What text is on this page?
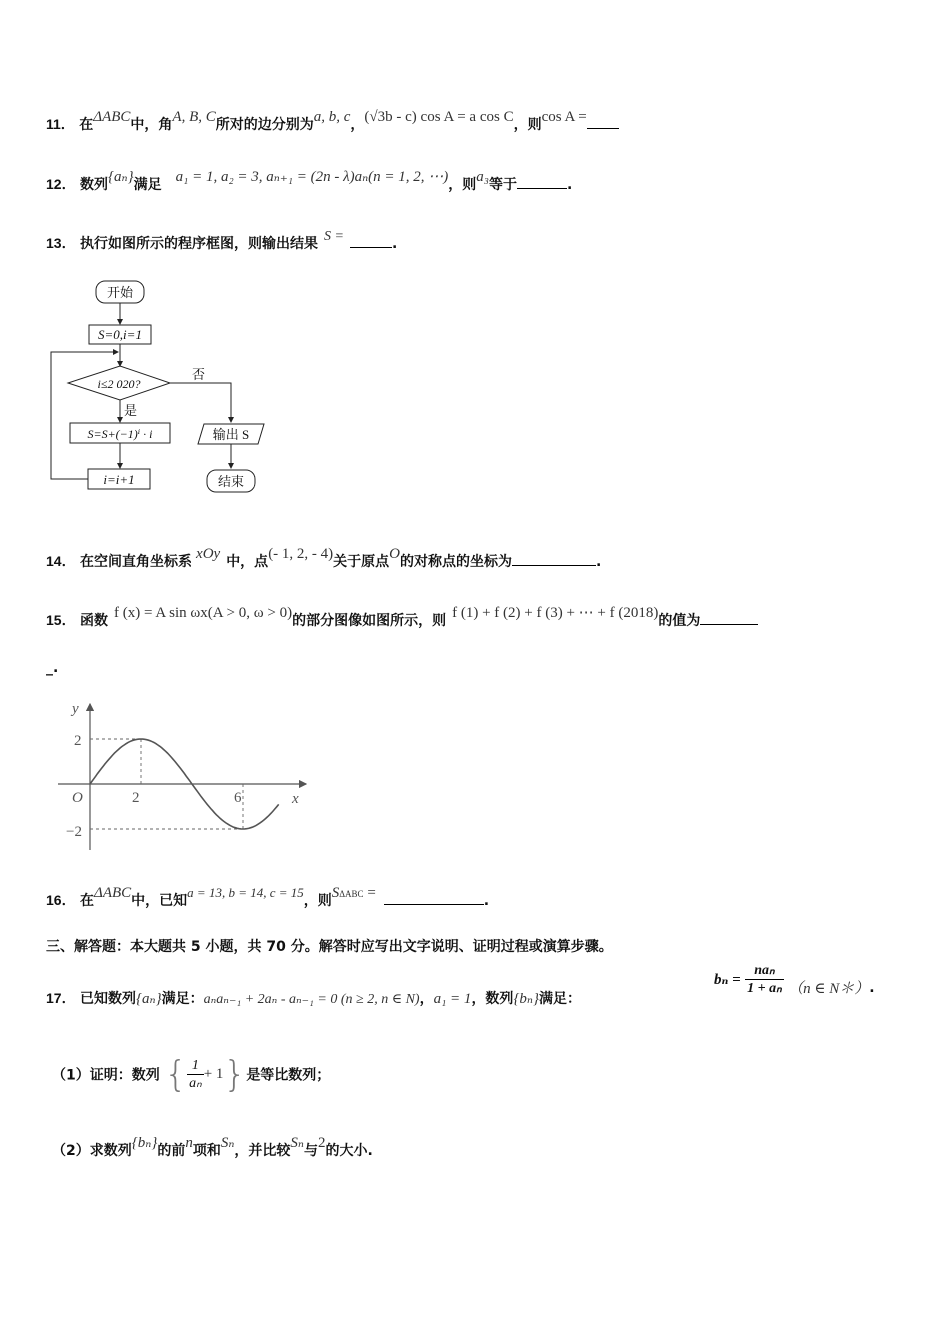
11． 在ΔABC中，角A, B, C所对的边分别为a, b, c，(√3b - c) cos A = a cos C，则cos A =
12． 数列{aₙ}满足 a₁ = 1, a₂ = 3, aₙ₊₁ = (2n - λ)aₙ(n = 1, 2, ⋯)，则a₃等于	.
13． 执行如图所示的程序框图，则输出结果 S =	.
开始
S=0,i=1
i≤2 020?
否
是
S=S+(−1)ⁱ · i
i=i+1
输出 S
结束
14． 在空间直角坐标系 xOy 中，点(- 1, 2, - 4)关于原点O的对称点的坐标为	.
15． 函数 f (x) = A sin ωx(A > 0, ω > 0)的部分图像如图所示，则 f (1) + f (2) + f (3) + ⋯ + f (2018)的值为
_.
y
x
O	2	6
2
−2
16． 在ΔABC中，已知a = 13, b = 14, c = 15，则$S^{\Delta ABC}$ =	.
三、解答题：本大题共 5 小题，共 70 分。解答时应写出文字说明、证明过程或演算步骤。
17． 已知数列{aₙ}满足：aₙaₙ₋₁ + 2aₙ - aₙ₋₁ = 0 (n ≥ 2, n ∈ N)，a₁ = 1，数列{bₙ}满足：
$b_n = \frac{\text{naₙ}}{\text{1 + aₙ}} (n$ ∈ N＊）.
（1）证明：数列 { $\frac{1}{\text{aₙ}} + 1$}是等比数列；
（2）求数列{bₙ}的前n项和Sₙ，并比较Sₙ与2的大小.
